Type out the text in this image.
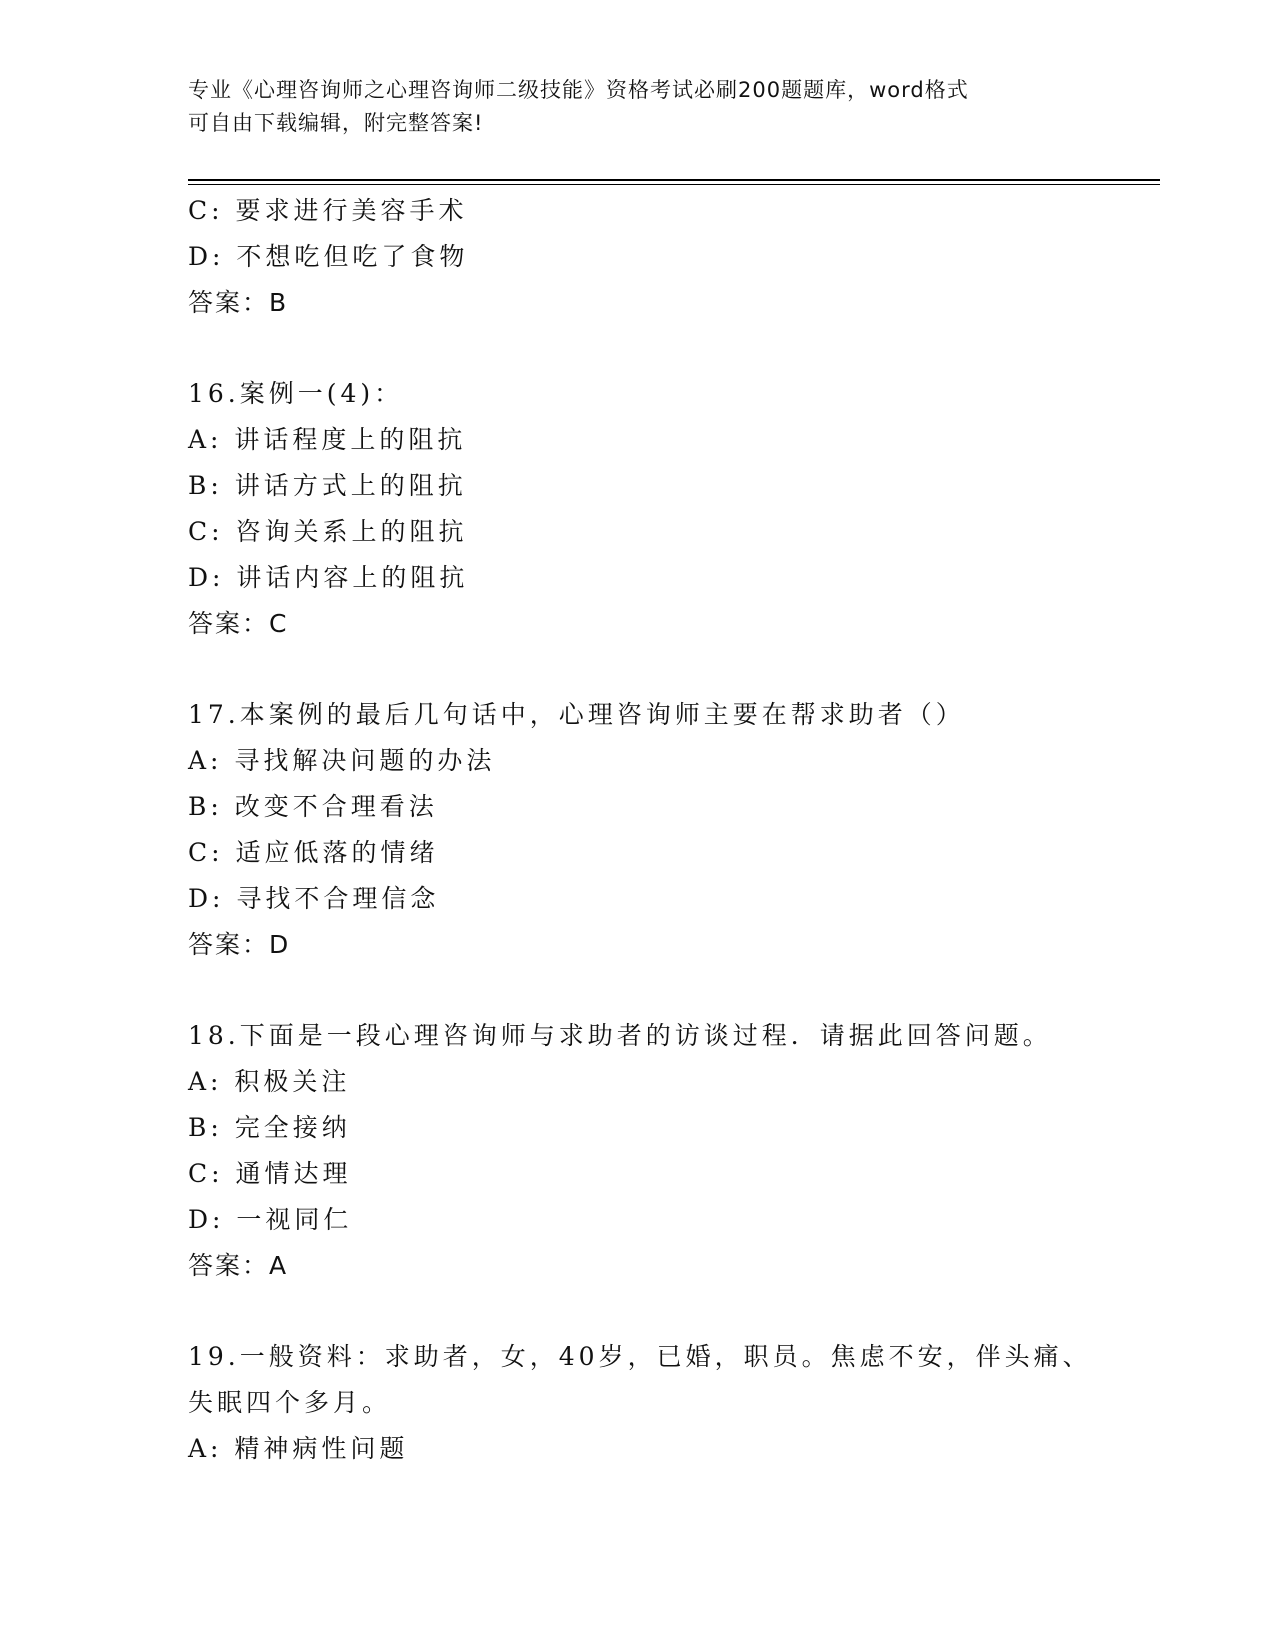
专业《心理咨询师之心理咨询师二级技能》资格考试必刷200题题库，word格式
可自由下载编辑，附完整答案!
C: 要求进行美容手术
D: 不想吃但吃了食物
答案：B
16.案例一(4)：
A: 讲话程度上的阻抗
B: 讲话方式上的阻抗
C: 咨询关系上的阻抗
D: 讲话内容上的阻抗
答案：C
17.本案例的最后几句话中，心理咨询师主要在帮求助者（）
A: 寻找解决问题的办法
B: 改变不合理看法
C: 适应低落的情绪
D: 寻找不合理信念
答案：D
18.下面是一段心理咨询师与求助者的访谈过程．请据此回答问题。
A: 积极关注
B: 完全接纳
C: 通情达理
D: 一视同仁
答案：A
19.一般资料：求助者，女，40岁，已婚，职员。焦虑不安，伴头痛、
失眠四个多月。
A: 精神病性问题
